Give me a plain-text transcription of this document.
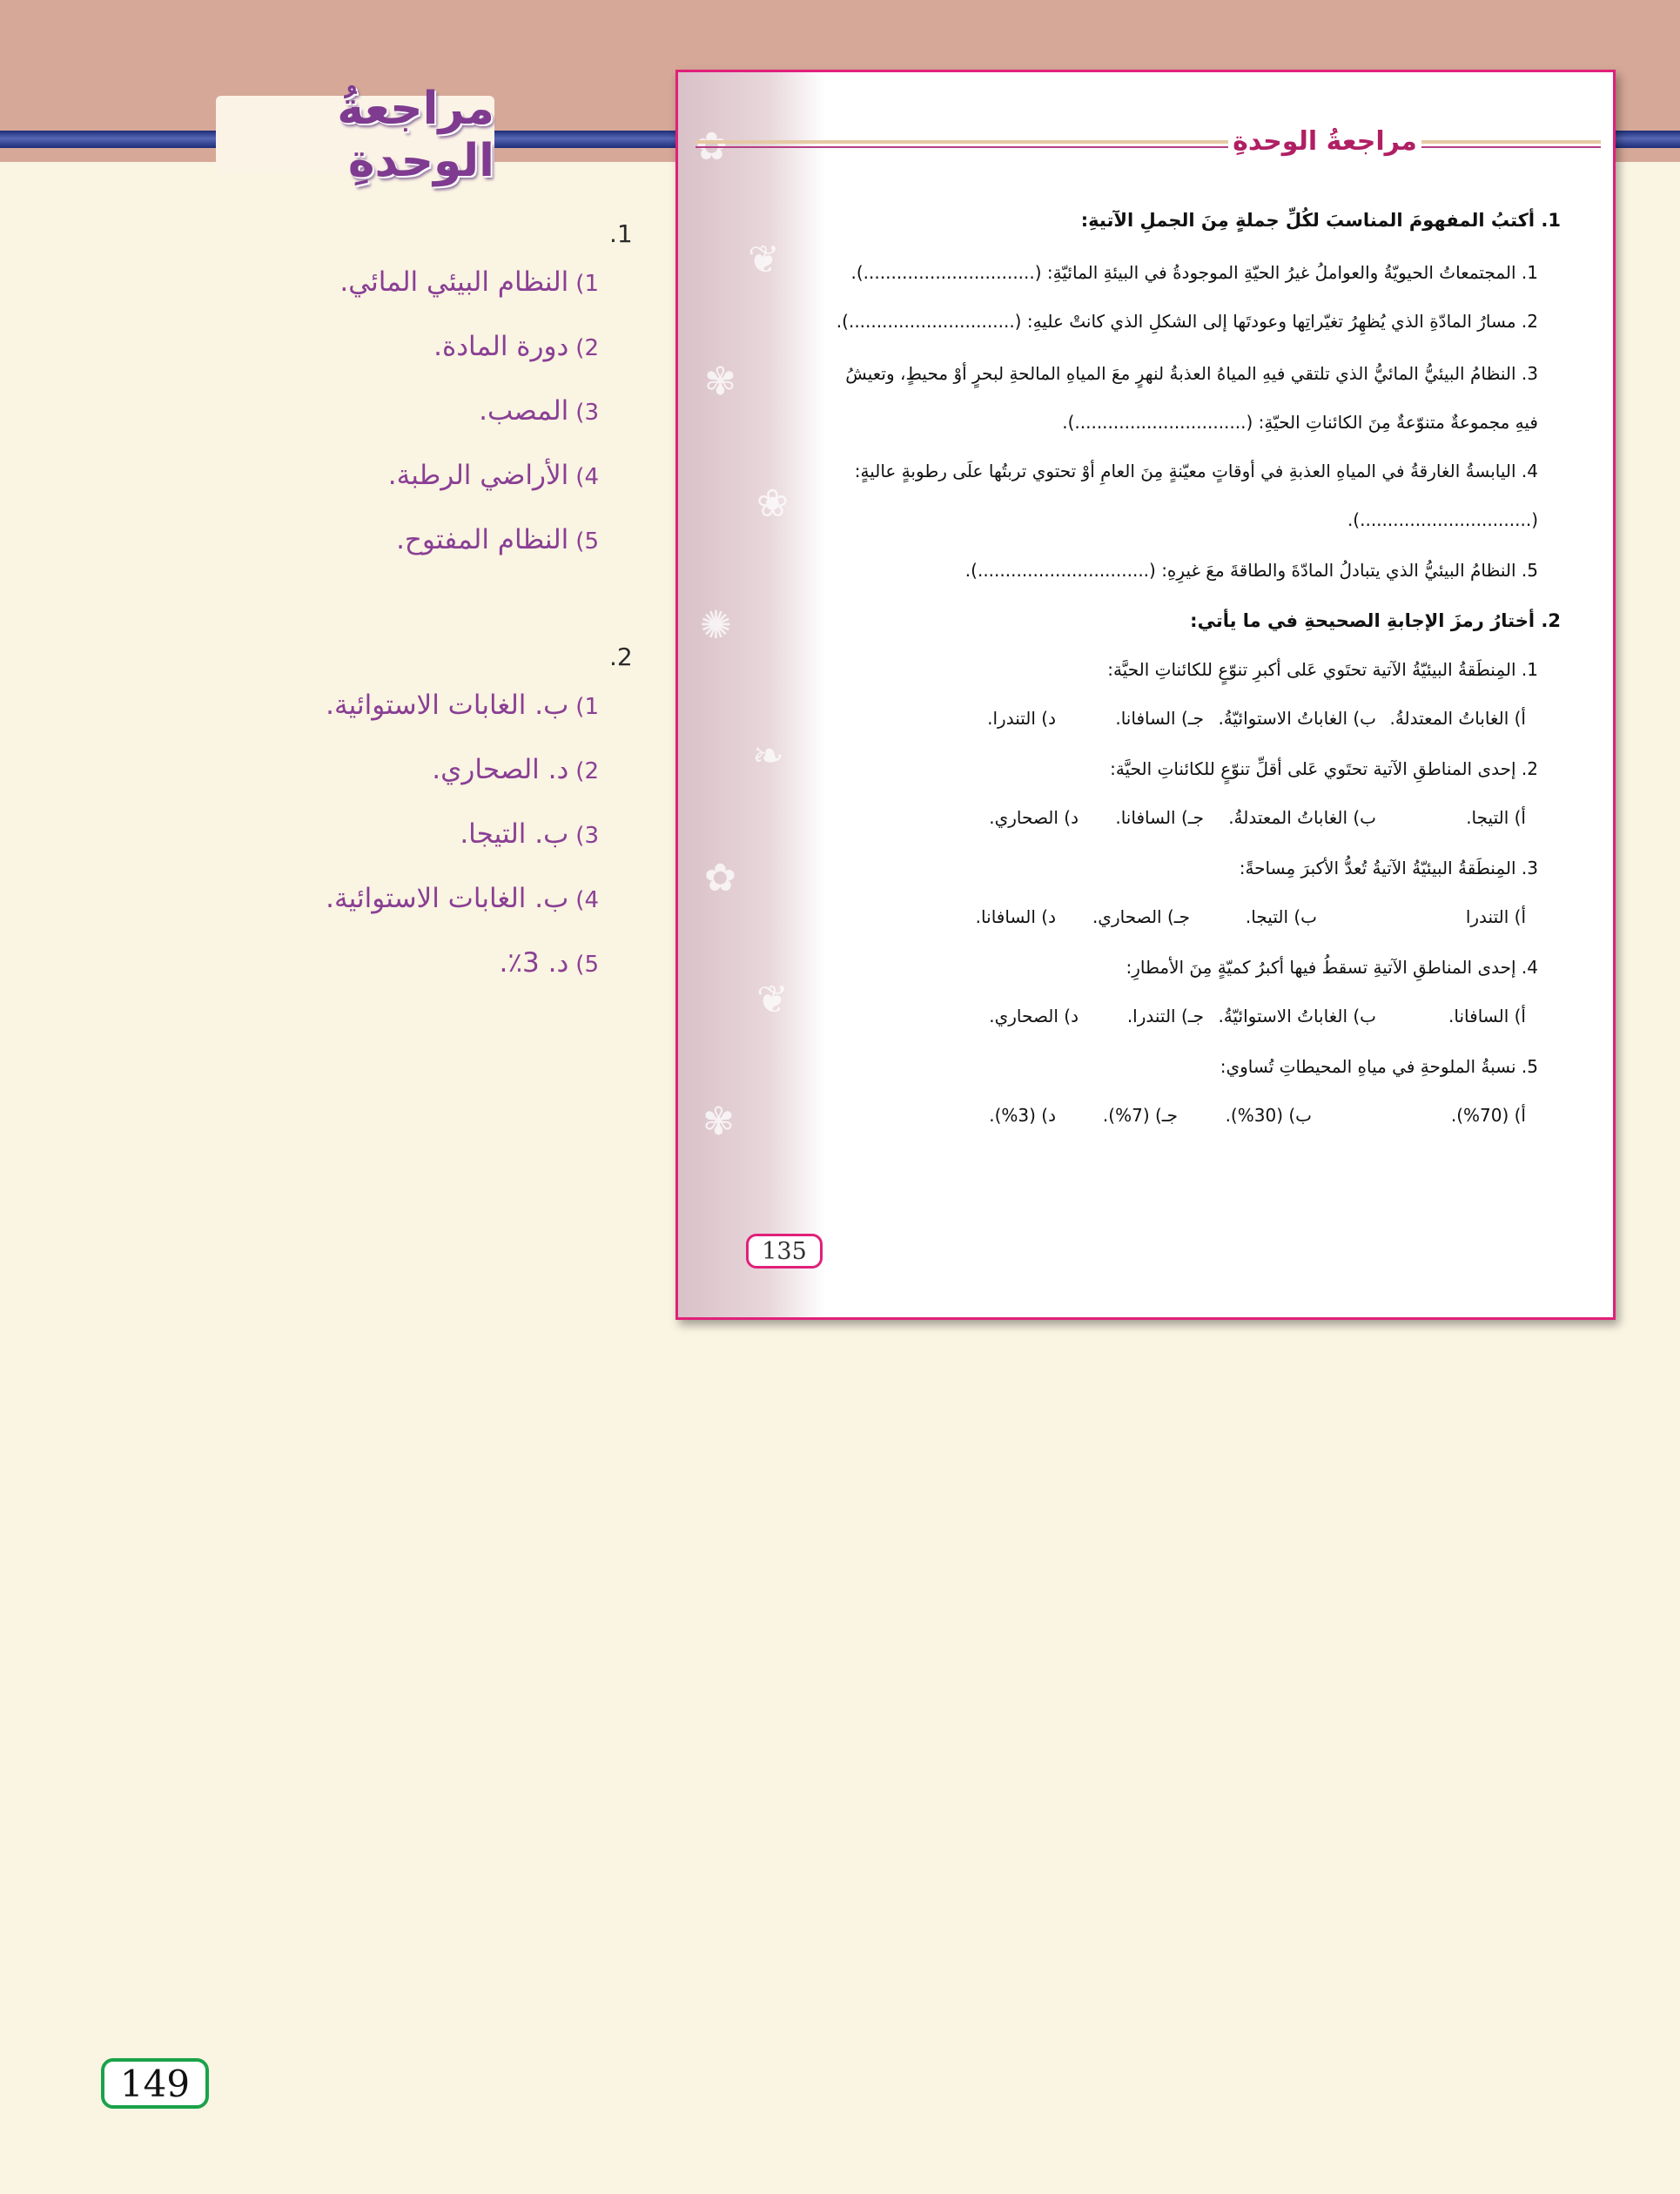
مراجعةُ الوحدةِ
.1
1)النظام البيئي المائي.
2)دورة المادة.
3)المصب.
4)الأراضي الرطبة.
5)النظام المفتوح.
.2
1)ب. الغابات الاستوائية.
2)د. الصحاري.
3)ب. التيجا.
4)ب. الغابات الاستوائية.
5)د. 3٪.
149
❦
✾
❀
✺
❧
✿
❦
✾
مراجعةُ الوحدةِ
1. أكتبُ المفهومَ المناسبَ لكُلِّ جملةٍ مِنَ الجملِ الآتيةِ:
1. المجتمعاتُ الحيويّةُ والعواملُ غيرُ الحيّةِ الموجودةُ في البيئةِ المائيّةِ: (...............................).
2. مسارُ المادّةِ الذي يُظهِرُ تغيّراتِها وعودتَها إلى الشكلِ الذي كانتْ عليهِ: (..............................).
3. النظامُ البيئيُّ المائيُّ الذي تلتقي فيهِ المياهُ العذبةُ لنهرٍ معَ المياهِ المالحةِ لبحرٍ أوْ محيطٍ، وتعيشُ فيهِ مجموعةٌ متنوّعةٌ مِنَ الكائناتِ الحيّةِ: (...............................).
4. اليابسةُ الغارقةُ في المياهِ العذبةِ في أوقاتٍ معيّنةٍ مِنَ العامِ أوْ تحتوي تربتُها علَى رطوبةٍ عاليةٍ: (...............................).
5. النظامُ البيئيُّ الذي يتبادلُ المادّةَ والطاقةَ معَ غيرِهِ: (...............................).
2. أختارُ رمزَ الإجابةِ الصحيحةِ في ما يأتي:
1. المِنطَقةُ البيئيّةُ الآتية تحتَوي عَلى أكبرِ تنوّعٍ للكائناتِ الحيَّة:
أ) الغاباتُ المعتدلةُ.
ب) الغاباتُ الاستوائيّةُ.
جـ) السافانا.
د) التندرا.
2. إحدى المناطقِ الآتية تحتَوي عَلى أقلِّ تنوّعٍ للكائناتِ الحيَّة:
أ) التيجا.
ب) الغاباتُ المعتدلةُ.
جـ) السافانا.
د) الصحاري.
3. المِنطَقةُ البيئيّةُ الآتيةُ تُعدُّ الأكبرَ مِساحةً:
أ) التندرا
ب) التيجا.
جـ) الصحاري.
د) السافانا.
4. إحدى المناطقِ الآتيةِ تسقطُ فيها أكبرُ كميّةٍ مِنَ الأمطارِ:
أ) السافانا.
ب) الغاباتُ الاستوائيّةُ.
جـ) التندرا.
د) الصحاري.
5. نسبةُ الملوحةِ في مياهِ المحيطاتِ تُساوي:
أ) (70%).
ب) (30%).
جـ) (7%).
د) (3%).
135
